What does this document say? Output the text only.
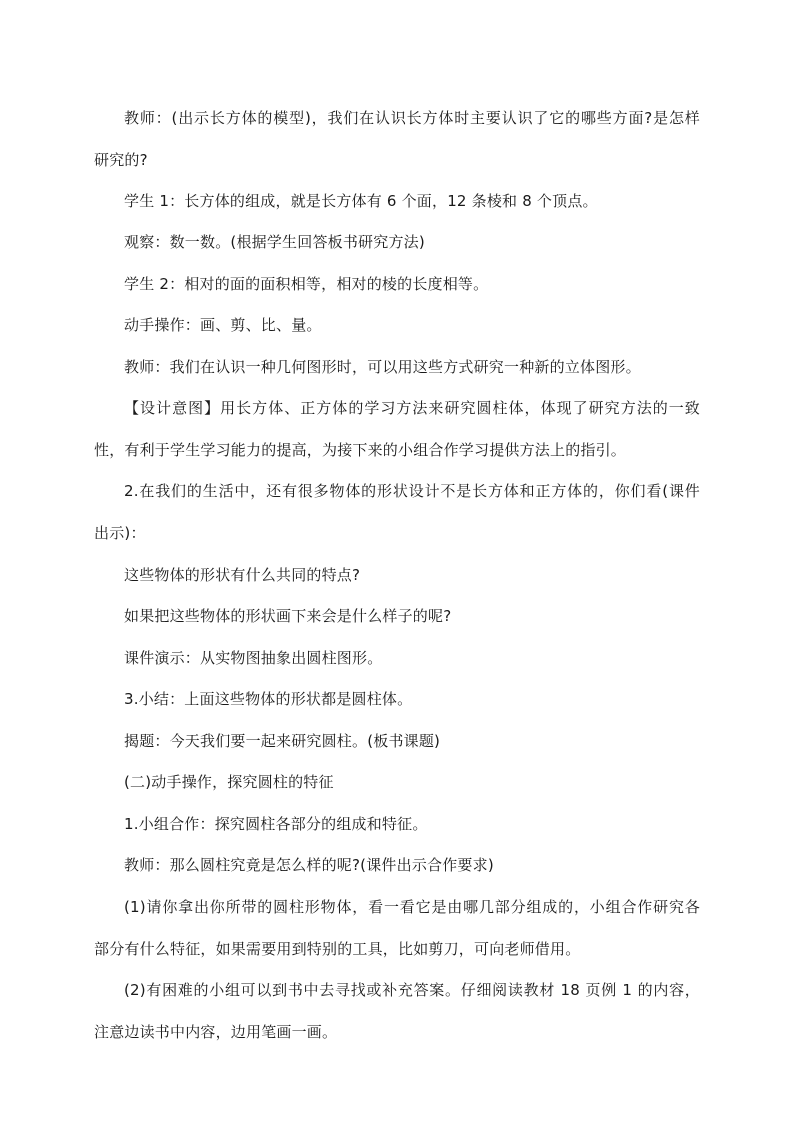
教师：(出示长方体的模型)，我们在认识长方体时主要认识了它的哪些方面?是怎样
研究的?
学生 1：长方体的组成，就是长方体有 6 个面，12 条棱和 8 个顶点。
观察：数一数。(根据学生回答板书研究方法)
学生 2：相对的面的面积相等，相对的棱的长度相等。
动手操作：画、剪、比、量。
教师：我们在认识一种几何图形时，可以用这些方式研究一种新的立体图形。
【设计意图】用长方体、正方体的学习方法来研究圆柱体，体现了研究方法的一致
性，有利于学生学习能力的提高，为接下来的小组合作学习提供方法上的指引。
2.在我们的生活中，还有很多物体的形状设计不是长方体和正方体的，你们看(课件
出示)：
这些物体的形状有什么共同的特点?
如果把这些物体的形状画下来会是什么样子的呢?
课件演示：从实物图抽象出圆柱图形。
3.小结：上面这些物体的形状都是圆柱体。
揭题：今天我们要一起来研究圆柱。(板书课题)
(二)动手操作，探究圆柱的特征
1.小组合作：探究圆柱各部分的组成和特征。
教师：那么圆柱究竟是怎么样的呢?(课件出示合作要求)
(1)请你拿出你所带的圆柱形物体，看一看它是由哪几部分组成的，小组合作研究各
部分有什么特征，如果需要用到特别的工具，比如剪刀，可向老师借用。
(2)有困难的小组可以到书中去寻找或补充答案。仔细阅读教材 18 页例 1 的内容，
注意边读书中内容，边用笔画一画。
